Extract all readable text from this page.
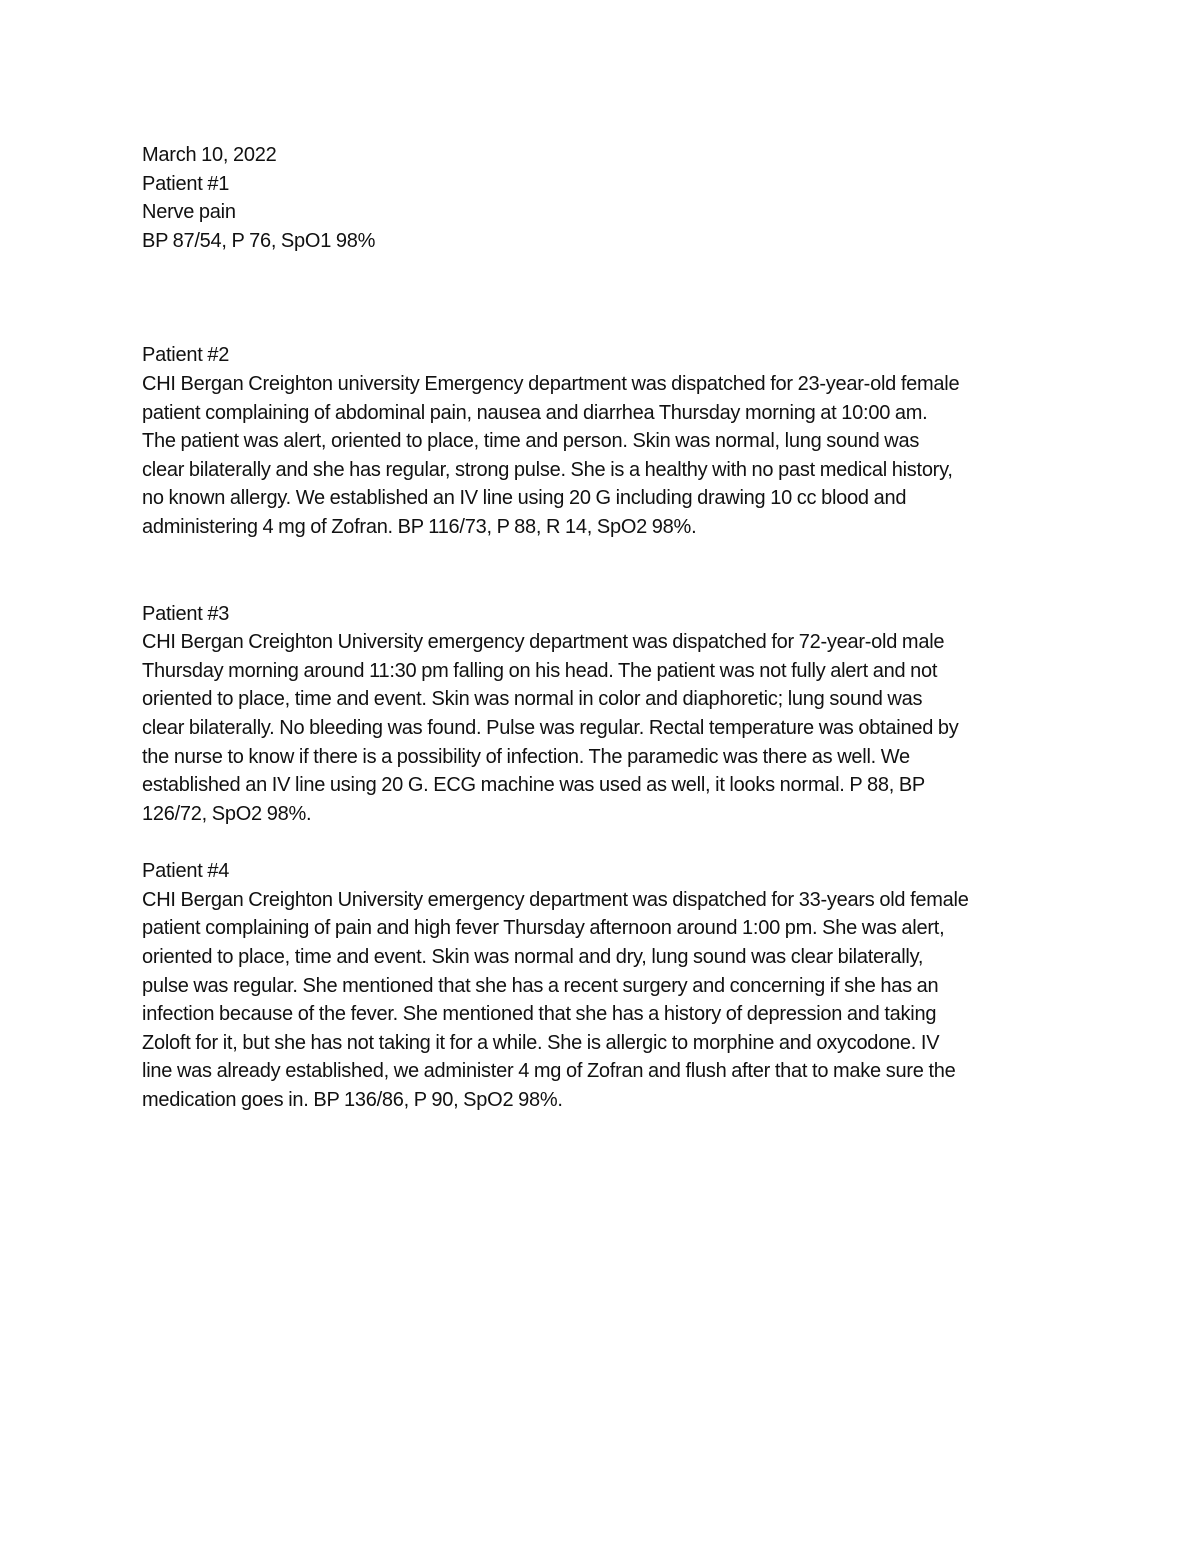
March 10, 2022
Patient #1
Nerve pain
BP 87/54, P 76, SpO1 98%
Patient #2
CHI Bergan Creighton university Emergency department was dispatched for 23-year-old female
patient complaining of abdominal pain, nausea and diarrhea Thursday morning at 10:00 am.
The patient was alert, oriented to place, time and person. Skin was normal, lung sound was
clear bilaterally and she has regular, strong pulse. She is a healthy with no past medical history,
no known allergy. We established an IV line using 20 G including drawing 10 cc blood and
administering 4 mg of Zofran. BP 116/73, P 88, R 14, SpO2 98%.
Patient #3
CHI Bergan Creighton University emergency department was dispatched for 72-year-old male
Thursday morning around 11:30 pm falling on his head. The patient was not fully alert and not
oriented to place, time and event. Skin was normal in color and diaphoretic; lung sound was
clear bilaterally. No bleeding was found. Pulse was regular. Rectal temperature was obtained by
the nurse to know if there is a possibility of infection. The paramedic was there as well. We
established an IV line using 20 G. ECG machine was used as well, it looks normal. P 88, BP
126/72, SpO2 98%.
Patient #4
CHI Bergan Creighton University emergency department was dispatched for 33-years old female
patient complaining of pain and high fever Thursday afternoon around 1:00 pm. She was alert,
oriented to place, time and event. Skin was normal and dry, lung sound was clear bilaterally,
pulse was regular. She mentioned that she has a recent surgery and concerning if she has an
infection because of the fever. She mentioned that she has a history of depression and taking
Zoloft for it, but she has not taking it for a while. She is allergic to morphine and oxycodone. IV
line was already established, we administer 4 mg of Zofran and flush after that to make sure the
medication goes in. BP 136/86, P 90, SpO2 98%.
